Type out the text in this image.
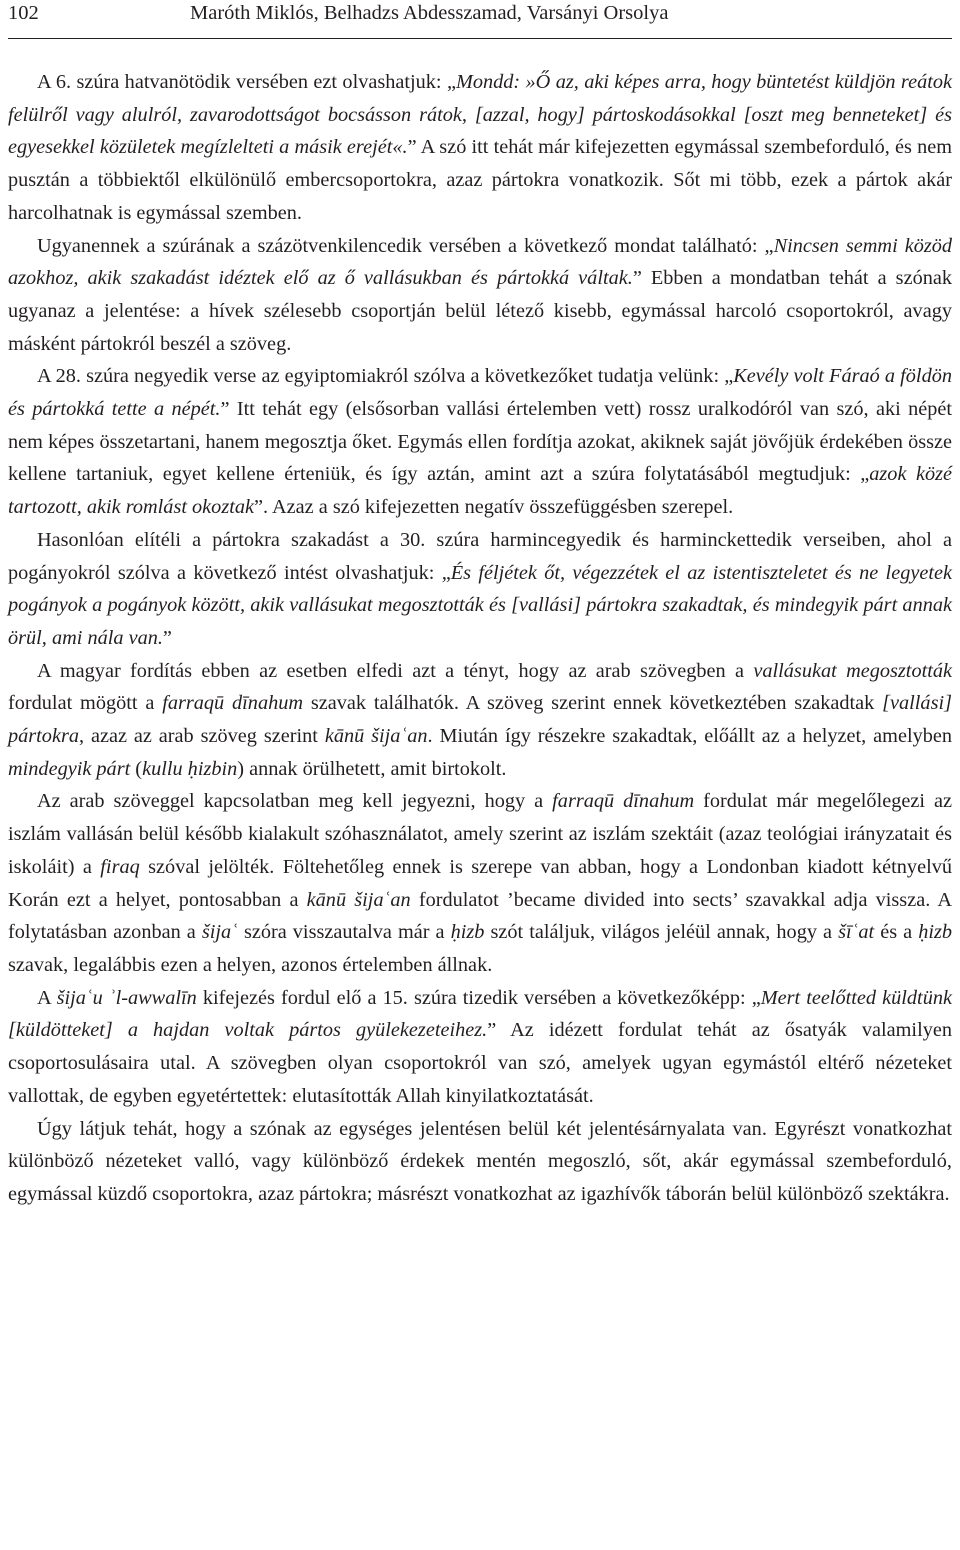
102	Maróth Miklós, Belhadzs Abdesszamad, Varsányi Orsolya

A 6. szúra hatvanötödik versében ezt olvashatjuk: „Mondd: »Ő az, aki képes arra, hogy büntetést küldjön reátok felülről vagy alulról, zavarodottságot bocsásson rátok, [azzal, hogy] pártoskodásokkal [oszt meg benneteket] és egyesekkel közületek megízlelteti a másik erejét«.” A szó itt tehát már kifejezetten egymással szembeforduló, és nem pusztán a többiektől elkülönülő embercsoportokra, azaz pártokra vonatkozik. Sőt mi több, ezek a pártok akár harcolhatnak is egymással szemben.

Ugyanennek a szúrának a százötvenkilencedik versében a következő mondat található: „Nincsen semmi közöd azokhoz, akik szakadást idéztek elő az ő vallásukban és pártokká váltak.” Ebben a mondatban tehát a szónak ugyanaz a jelentése: a hívek szélesebb csoportján belül létező kisebb, egymással harcoló csoportokról, avagy másként pártokról beszél a szöveg.

A 28. szúra negyedik verse az egyiptomiakról szólva a következőket tudatja velünk: „Kevély volt Fáraó a földön és pártokká tette a népét.” Itt tehát egy (elsősorban vallási értelemben vett) rossz uralkodóról van szó, aki népét nem képes összetartani, hanem megosztja őket. Egymás ellen fordítja azokat, akiknek saját jövőjük érdekében össze kellene tartaniuk, egyet kellene érteniük, és így aztán, amint azt a szúra folytatásából megtudjuk: „azok közé tartozott, akik romlást okoztak”. Azaz a szó kifejezetten negatív összefüggésben szerepel.

Hasonlóan elítéli a pártokra szakadást a 30. szúra harmincegyedik és harminckettedik verseiben, ahol a pogányokról szólva a következő intést olvashatjuk: „És féljétek őt, végezzétek el az istentiszteletet és ne legyetek pogányok a pogányok között, akik vallásukat megosztották és [vallási] pártokra szakadtak, és mindegyik párt annak örül, ami nála van.”

A magyar fordítás ebben az esetben elfedi azt a tényt, hogy az arab szövegben a vallásukat megosztották fordulat mögött a farraqū dīnahum szavak találhatók. A szöveg szerint ennek következtében szakadtak [vallási] pártokra, azaz az arab szöveg szerint kānū šijaʿan. Miután így részekre szakadtak, előállt az a helyzet, amelyben mindegyik párt (kullu ḥizbin) annak örülhetett, amit birtokolt.

Az arab szöveggel kapcsolatban meg kell jegyezni, hogy a farraqū dīnahum fordulat már megelőlegezi az iszlám vallásán belül később kialakult szóhasználatot, amely szerint az iszlám szektáit (azaz teológiai irányzatait és iskoláit) a firaq szóval jelölték. Föltehetőleg ennek is szerepe van abban, hogy a Londonban kiadott kétnyelvű Korán ezt a helyet, pontosabban a kānū šijaʿan fordulatot ’became divided into sects’ szavakkal adja vissza. A folytatásban azonban a šijaʿ szóra visszautalva már a ḥizb szót találjuk, világos jeléül annak, hogy a šīʿat és a ḥizb szavak, legalábbis ezen a helyen, azonos értelemben állnak.

A šijaʿu ʾl-awwalīn kifejezés fordul elő a 15. szúra tizedik versében a következőképp: „Mert teelőtted küldtünk [küldötteket] a hajdan voltak pártos gyülekezeteihez.” Az idézett fordulat tehát az ősatyák valamilyen csoportosulásaira utal. A szövegben olyan csoportokról van szó, amelyek ugyan egymástól eltérő nézeteket vallottak, de egyben egyetértettek: elutasították Allah kinyilatkoztatását.

Úgy látjuk tehát, hogy a szónak az egységes jelentésen belül két jelentésárnyalata van. Egyrészt vonatkozhat különböző nézeteket valló, vagy különböző érdekek mentén megoszló, sőt, akár egymással szembeforduló, egymással küzdő csoportokra, azaz pártokra; másrészt vonatkozhat az igazhívők táborán belül különböző szektákra.
